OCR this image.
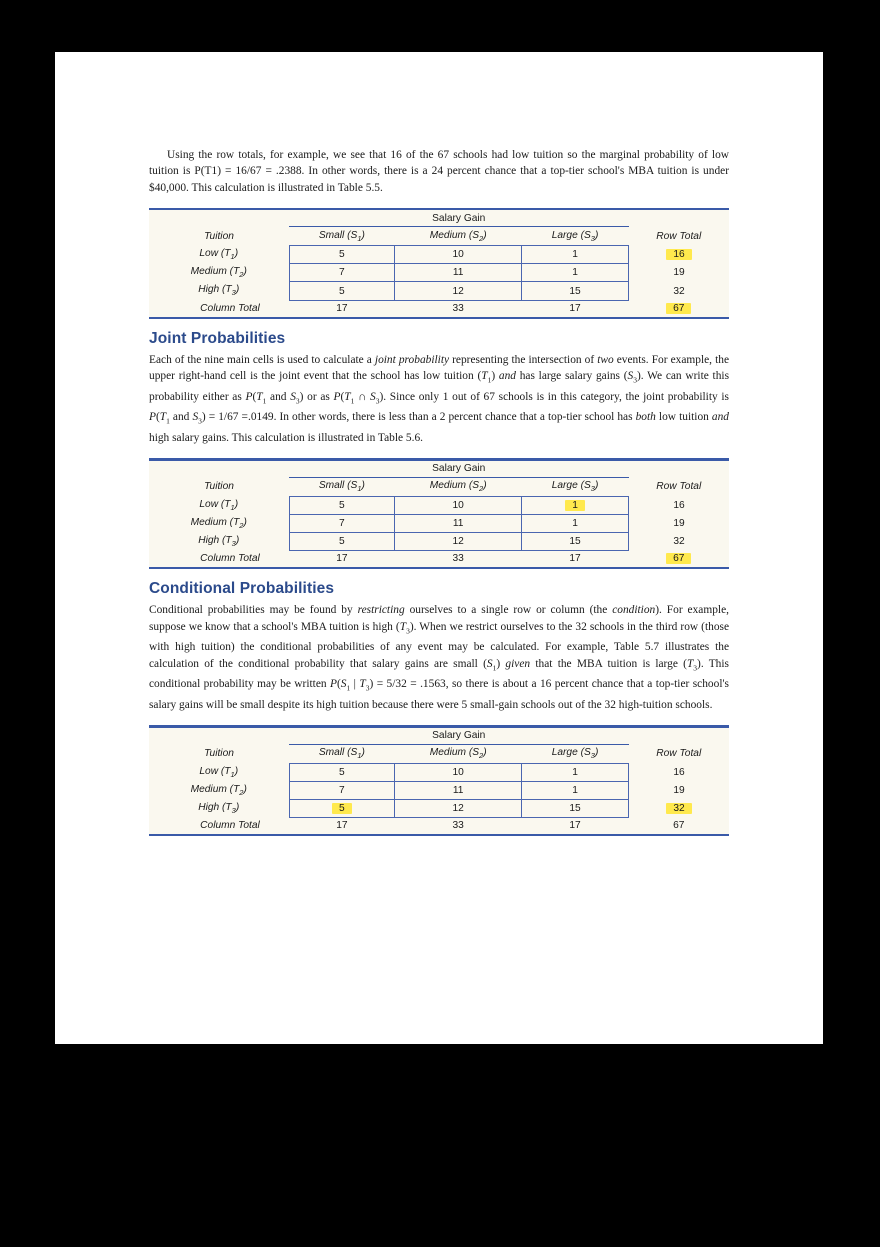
Using the row totals, for example, we see that 16 of the 67 schools had low tuition so the marginal probability of low tuition is P(T1) = 16/67 = .2388. In other words, there is a 24 percent chance that a top-tier school's MBA tuition is under $40,000. This calculation is illustrated in Table 5.5.

	Salary Gain			
Tuition	Small $(S_1)$	Medium $(S_2)$	Large $(S_3)$	Row Total
Low $(T_1)$	5	10	1	16
Medium $(T_2)$	7	11	1	19
High $(T_3)$	5	12	15	32
Column Total	17	33	17	67
Joint Probabilities

Each of the nine main cells is used to calculate a joint probability representing the intersection of two events. For example, the upper right-hand cell is the joint event that the school has low tuition $(T_1)$ and has large salary gains $(S_3)$. We can write this probability either as $P(T_1$ and $S_3$) or as $P(T_1$ ∩ $S_3$). Since only 1 out of 67 schools is in this category, the joint probability is $P(T_1$ and $S_3) = 1/67 =.0149$. In other words, there is less than a 2 percent chance that a top-tier school has both low tuition and high salary gains. This calculation is illustrated in Table 5.6.

	Salary Gain			
Tuition	Small $(S_1)$	Medium $(S_2)$	Large $(S_3)$	Row Total
Low $(T_1)$	5	10	1	16
Medium $(T_2)$	7	11	1	19
High $(T_3)$	5	12	15	32
Column Total	17	33	17	67
Conditional Probabilities

Conditional probabilities may be found by restricting ourselves to a single row or column (the condition). For example, suppose we know that a school's MBA tuition is high $(T_3)$. When we restrict ourselves to the 32 schools in the third row (those with high tuition) the conditional probabilities of any event may be calculated. For example, Table 5.7 illustrates the calculation of the conditional probability that salary gains are small $(S_1)$ given that the MBA tuition is large $(T_3)$. This conditional probability may be written $P(S_1$ | $T_3) = 5/32 = .1563$, so there is about a 16 percent chance that a top-tier school's salary gains will be small despite its high tuition because there were 5 small-gain schools out of the 32 high-tuition schools.

	Salary Gain			
Tuition	Small $(S_1)$	Medium $(S_2)$	Large $(S_3)$	Row Total
Low $(T_1)$	5	10	1	16
Medium $(T_2)$	7	11	1	19
High $(T_3)$	5	12	15	32
Column Total	17	33	17	67
